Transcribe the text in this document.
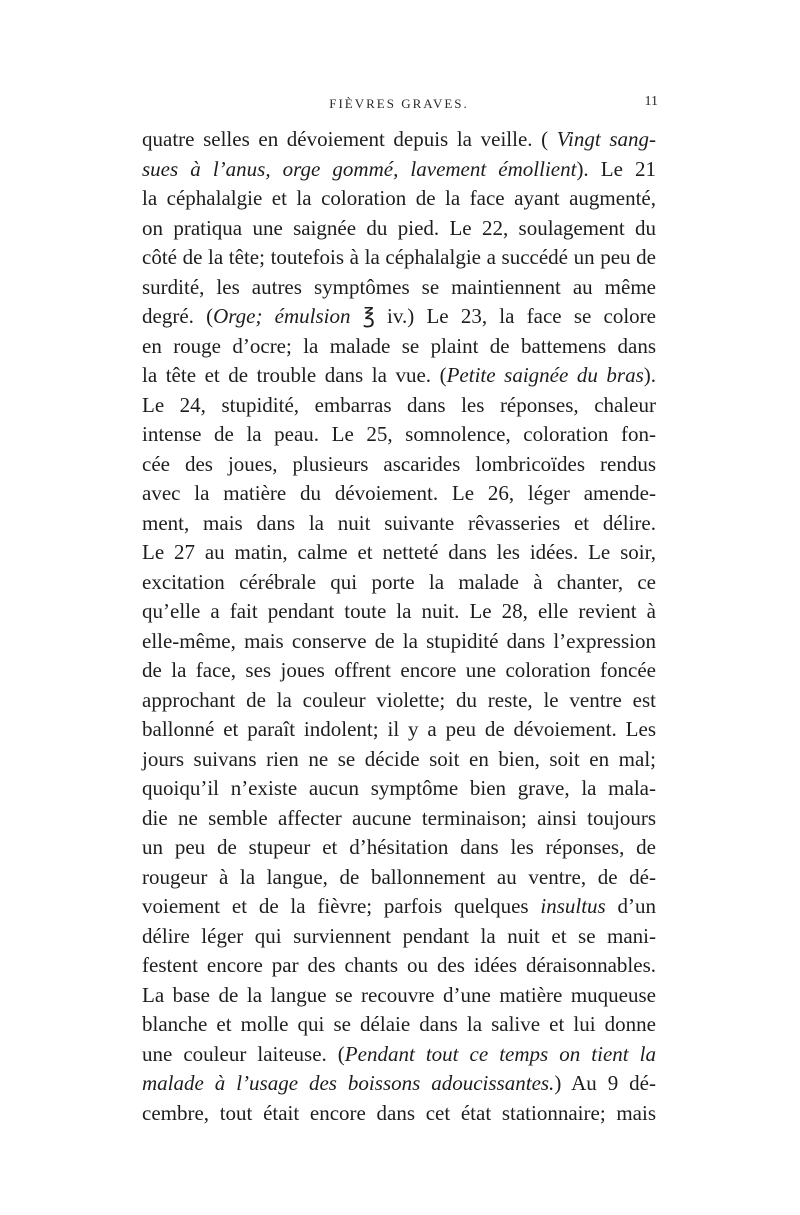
FIÈVRES GRAVES.	11
quatre selles en dévoiement depuis la veille. ( Vingt sang-
sues à l’anus, orge gommé, lavement émollient). Le 21
la céphalalgie et la coloration de la face ayant augmenté,
on pratiqua une saignée du pied. Le 22, soulagement du
côté de la tête; toutefois à la céphalalgie a succédé un peu de
surdité, les autres symptômes se maintiennent au même
degré. (Orge; émulsion ℥ iv.) Le 23, la face se colore
en rouge d’ocre; la malade se plaint de battemens dans
la tête et de trouble dans la vue. (Petite saignée du bras).
Le 24, stupidité, embarras dans les réponses, chaleur
intense de la peau. Le 25, somnolence, coloration fon-
cée des joues, plusieurs ascarides lombricoïdes rendus
avec la matière du dévoiement. Le 26, léger amende-
ment, mais dans la nuit suivante rêvasseries et délire.
Le 27 au matin, calme et netteté dans les idées. Le soir,
excitation cérébrale qui porte la malade à chanter, ce
qu’elle a fait pendant toute la nuit. Le 28, elle revient à
elle-même, mais conserve de la stupidité dans l’expression
de la face, ses joues offrent encore une coloration foncée
approchant de la couleur violette; du reste, le ventre est
ballonné et paraît indolent; il y a peu de dévoiement. Les
jours suivans rien ne se décide soit en bien, soit en mal;
quoiqu’il n’existe aucun symptôme bien grave, la mala-
die ne semble affecter aucune terminaison; ainsi toujours
un peu de stupeur et d’hésitation dans les réponses, de
rougeur à la langue, de ballonnement au ventre, de dé-
voiement et de la fièvre; parfois quelques insultus d’un
délire léger qui surviennent pendant la nuit et se mani-
festent encore par des chants ou des idées déraisonnables.
La base de la langue se recouvre d’une matière muqueuse
blanche et molle qui se délaie dans la salive et lui donne
une couleur laiteuse. (Pendant tout ce temps on tient la
malade à l’usage des boissons adoucissantes.) Au 9 dé-
cembre, tout était encore dans cet état stationnaire; mais
